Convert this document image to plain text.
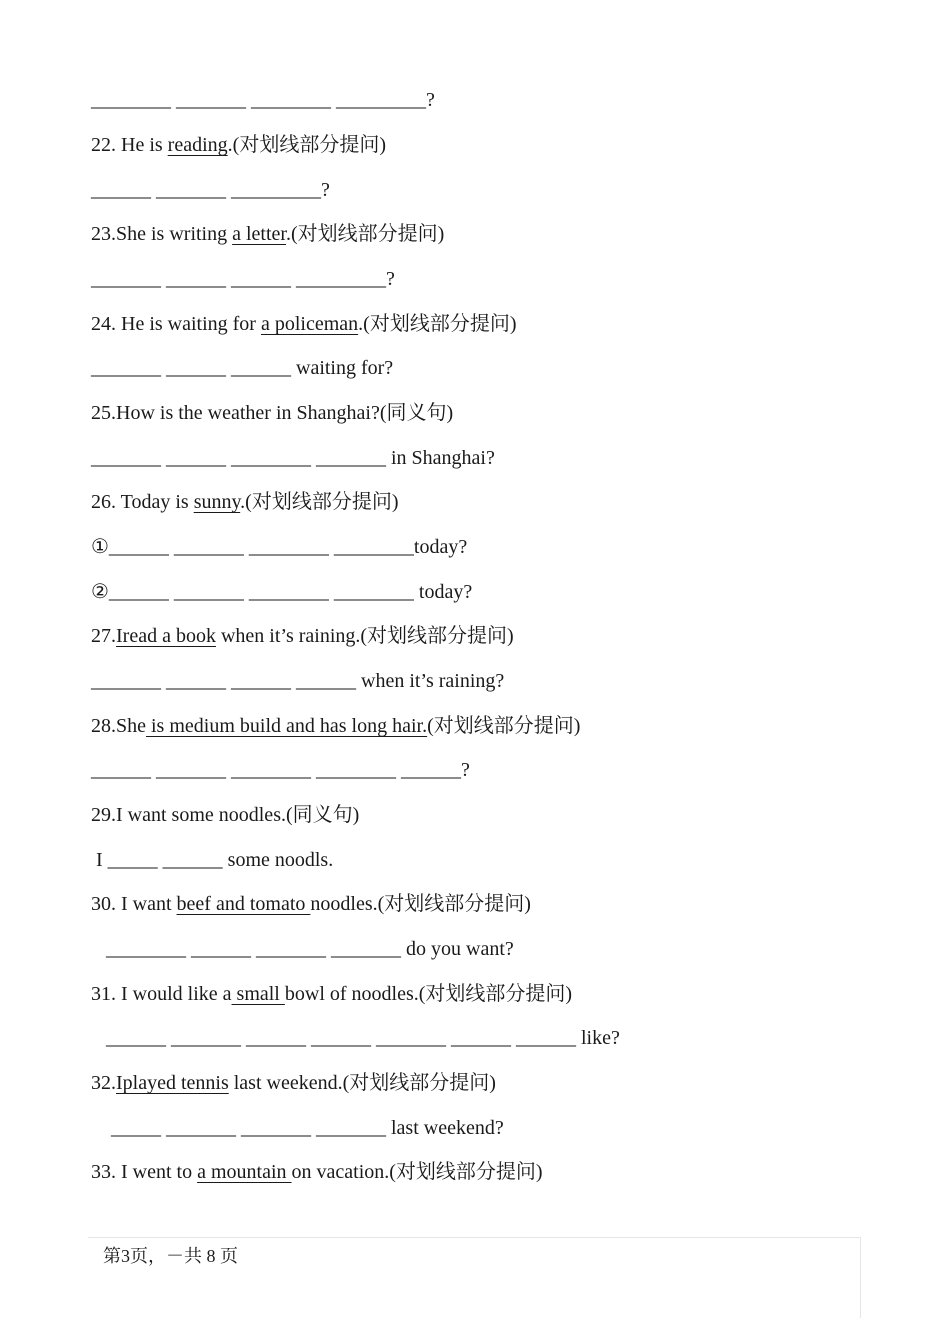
________ _______ ________ _________?

22. He is reading.(对划线部分提问)

______ _______ _________?

23.She is writing a letter.(对划线部分提问)

_______ ______ ______ _________?

24. He is waiting for a policeman.(对划线部分提问)

_______ ______ ______ waiting for?

25.How is the weather in Shanghai?(同义句)

_______ ______ ________ _______ in Shanghai?

26. Today is sunny.(对划线部分提问)

①______ _______ ________ ________today?

②______ _______ ________ ________ today?

27.Iread a book when it’s raining.(对划线部分提问)

_______ ______ ______ ______ when it’s raining?

28.She is medium build and has long hair.(对划线部分提问)

______ _______ ________ ________ ______?

29.I want some noodles.(同义句)

I _____ ______ some noodls.

30. I want beef and tomato noodles.(对划线部分提问)

________ ______ _______ _______ do you want?

31. I would like a small bowl of noodles.(对划线部分提问)

______ _______ ______ ______ _______ ______ ______ like?

32.Iplayed tennis last weekend.(对划线部分提问)

_____ _______ _______ _______ last weekend?

33. I went to a mountain on vacation.(对划线部分提问)

第3页，－共 8 页
